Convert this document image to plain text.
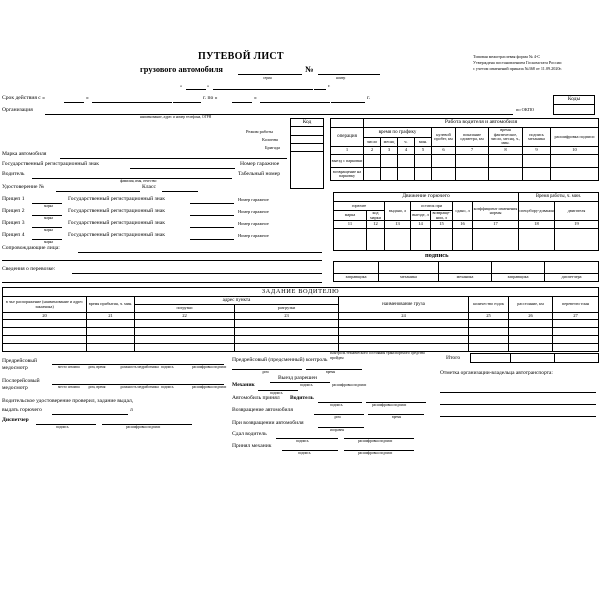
ПУТЕВОЙ ЛИСТ
грузового автомобиля	№
серия	номер
«	»	г.
Типовая межотраслевая форма № 4-С
Утверждена постановлением Госкомстата России
с учетом изменений приказа №368 от 11.09.2020г.
Коды

по ОКПО
Срок действия с «	»	г. по «	»	г.
Организация
наименование, адрес и номер телефона, ОГРН
Режим работы
Колонна
Бригада
Код

Марка автомобиля
Государственный регистрационный знак	Номер гаражное
Водитель	Табельный номер
фамилия, имя, отчество
Удостоверение №	Класс
Прицеп 1	Государственный регистрационный знак	Номер гаражное
марка
Прицеп 2	Государственный регистрационный знак	Номер гаражное
марка
Прицеп 3	Государственный регистрационный знак	Номер гаражное
марка
Прицеп 4	Государственный регистрационный знак	Номер гаражное
марка
Сопровождающие лица:
Сведения о перевозке:
	Работа водителя и автомобиля								
операция	время по графику				нулевой пробег, км	показание одометра, км	время фактическое, число, месяц, ч., мин.	подпись механика	расшифровка подписи
	число	месяц	ч.	мин.					
1	2	3	4	5	6	7	8	9	10
выезд с парковки									
возвращение на парковку									
Движение горючего							Время работы, ч. мин.	
горючее		выдано, л	остаток при		сдано, л	коэффициент изменения нормы	спецобору-дования	двигателя
марка	код марки		выезде, л	возвраще-нии, л				
11	12	13	14	15	16	17	18	19

подпись

заправщика	механика	механика	заправщика	диспетчера
ЗАДАНИЕ ВОДИТЕЛЮ							
в чье распоряжение (наименование и адрес заказчика)	время прибытия, ч. мин.	адрес пункта		наименование груза	количество ездок	расстояние, км	перевезти тонн
		погрузки	разгрузки				
20	21	22	23	24	25	26	27

Итого

Предрейсовый медосмотр	место штампа дата, время	должность медработника подпись	расшифровка подписи
Послерейсовый медосмотр	место штампа дата, время	должность медработника подпись	расшифровка подписи
Водительское удостоверение проверил, задание выдал,
выдать горючего	л
Диспетчер
подпись	расшифровка подписи
Предрейсовый (предсменный) контроль
Контроль технического состояния транспортного средства пройден
дата	время
Выезд разрешен
подпись	расшифровка подписи
Механик
подпись
Автомобиль принял Водитель
подпись	расшифровка подписи
Возвращение автомобиля
дата	время
При возвращении автомобиля
исправен
Сдал водитель
подпись	расшифровка подписи
Принял механик
подпись	расшифровка подписи
Отметка организации-владельца автотранспорта:
